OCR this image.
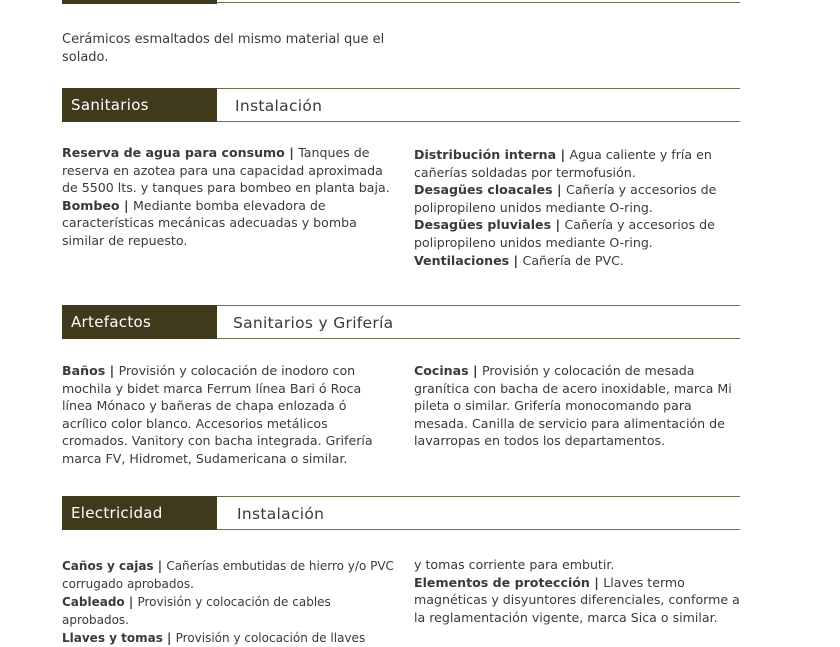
Cerámicos esmaltados del mismo material que el solado.

Sanitarios	Instalación
Reserva de agua para consumo | Tanques de reserva en azotea para una capacidad aproximada de 5500 lts. y tanques para bombeo en planta baja.
Bombeo | Mediante bomba elevadora de características mecánicas adecuadas y bomba similar de repuesto.
Distribución interna | Agua caliente y fría en cañerías soldadas por termofusión.
Desagües cloacales | Cañería y accesorios de polipropileno unidos mediante O-ring.
Desagües pluviales | Cañería y accesorios de polipropileno unidos mediante O-ring.
Ventilaciones | Cañería de PVC.
Artefactos	Sanitarios y Grifería
Baños | Provisión y colocación de inodoro con mochila y bidet marca Ferrum línea Bari ó Roca línea Mónaco y bañeras de chapa enlozada ó acrílico color blanco. Accesorios metálicos cromados. Vanitory con bacha integrada. Grifería marca FV, Hidromet, Sudamericana o similar.
Cocinas | Provisión y colocación de mesada granítica con bacha de acero inoxidable, marca Mi pileta o similar. Grifería monocomando para mesada. Canilla de servicio para alimentación de lavarropas en todos los departamentos.
Electricidad	Instalación
Caños y cajas | Cañerías embutidas de hierro y/o PVC corrugado aprobados.
Cableado | Provisión y colocación de cables aprobados.
Llaves y tomas | Provisión y colocación de llaves
y tomas corriente para embutir.
Elementos de protección | Llaves termo magnéticas y disyuntores diferenciales, conforme a la reglamentación vigente, marca Sica o similar.
